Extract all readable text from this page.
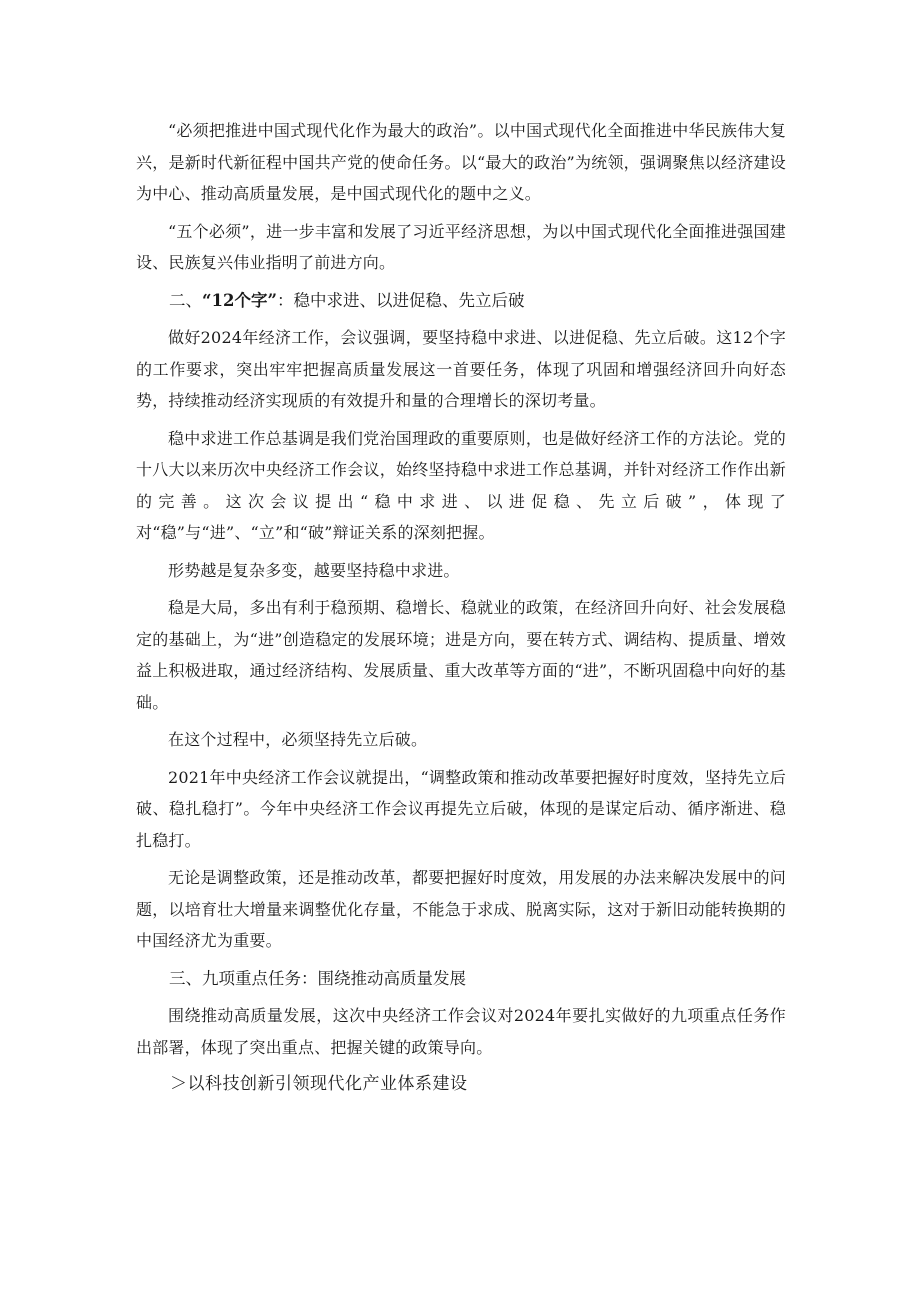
“必须把推进中国式现代化作为最大的政治”。以中国式现代化全面推进中华民族伟大复兴，是新时代新征程中国共产党的使命任务。以“最大的政治”为统领，强调聚焦以经济建设为中心、推动高质量发展，是中国式现代化的题中之义。

“五个必须”，进一步丰富和发展了习近平经济思想，为以中国式现代化全面推进强国建设、民族复兴伟业指明了前进方向。

二、“12个字”：稳中求进、以进促稳、先立后破

做好2024年经济工作，会议强调，要坚持稳中求进、以进促稳、先立后破。这12个字的工作要求，突出牢牢把握高质量发展这一首要任务，体现了巩固和增强经济回升向好态势，持续推动经济实现质的有效提升和量的合理增长的深切考量。

稳中求进工作总基调是我们党治国理政的重要原则，也是做好经济工作的方法论。党的十八大以来历次中央经济工作会议，始终坚持稳中求进工作总基调，并针对经济工作作出新的完善。这次会议提出“稳中求进、以进促稳、先立后破”，体现了对“稳”与“进”、“立”和“破”辩证关系的深刻把握。

形势越是复杂多变，越要坚持稳中求进。

稳是大局，多出有利于稳预期、稳增长、稳就业的政策，在经济回升向好、社会发展稳定的基础上，为“进”创造稳定的发展环境；进是方向，要在转方式、调结构、提质量、增效益上积极进取，通过经济结构、发展质量、重大改革等方面的“进”，不断巩固稳中向好的基础。

在这个过程中，必须坚持先立后破。

2021年中央经济工作会议就提出，“调整政策和推动改革要把握好时度效，坚持先立后破、稳扎稳打”。今年中央经济工作会议再提先立后破，体现的是谋定后动、循序渐进、稳扎稳打。

无论是调整政策，还是推动改革，都要把握好时度效，用发展的办法来解决发展中的问题，以培育壮大增量来调整优化存量，不能急于求成、脱离实际，这对于新旧动能转换期的中国经济尤为重要。

三、九项重点任务：围绕推动高质量发展

围绕推动高质量发展，这次中央经济工作会议对2024年要扎实做好的九项重点任务作出部署，体现了突出重点、把握关键的政策导向。

＞以科技创新引领现代化产业体系建设
